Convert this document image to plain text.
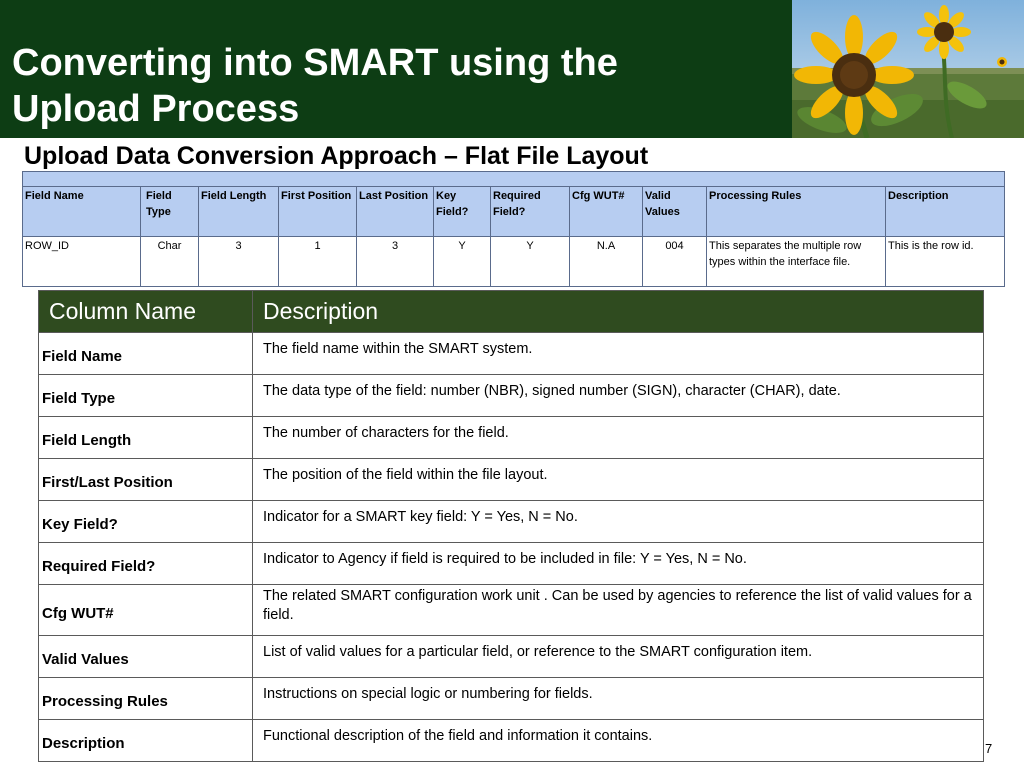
Converting into SMART using the Upload Process
Upload Data Conversion Approach – Flat File Layout

Field Name	Field Type	Field Length	First Position	Last Position	Key Field?	Required Field?	Cfg WUT#	Valid Values	Processing Rules	Description
ROW_ID	Char	3	1	3	Y	Y	N.A	004	This separates the multiple row types within the interface file.	This is the row id.
Column Name	Description
Field Name	The field name within the SMART system.
Field Type	The data type of the field: number (NBR), signed number (SIGN), character (CHAR), date.
Field Length	The number of characters for the field.
First/Last Position	The position of the field within the file layout.
Key Field?	Indicator for a SMART key field: Y = Yes, N = No.
Required Field?	Indicator to Agency if field is required to be included in file: Y = Yes, N = No.
Cfg WUT#	The related SMART configuration work unit . Can be used by agencies to reference the list of valid values for a field.
Valid Values	List of valid values for a particular field, or reference to the SMART configuration item.
Processing Rules	Instructions on special logic or numbering for fields.
Description	Functional description of the field and information it contains.
7
